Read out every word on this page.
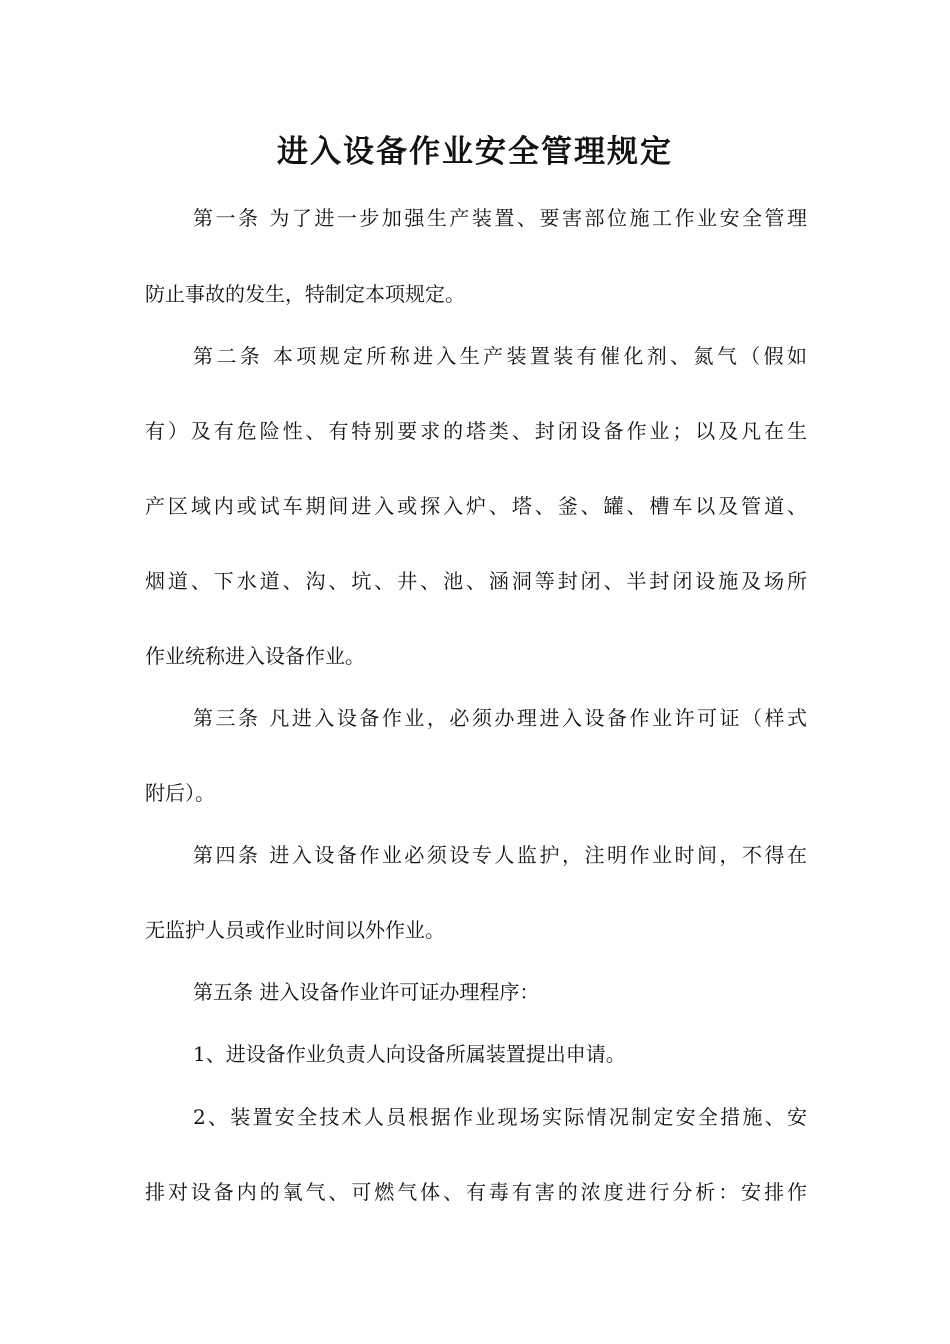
进入设备作业安全管理规定
第一条 为了进一步加强生产装置、要害部位施工作业安全管理
防止事故的发生，特制定本项规定。
第二条 本项规定所称进入生产装置装有催化剂、氮气（假如
有）及有危险性、有特别要求的塔类、封闭设备作业；以及凡在生
产区域内或试车期间进入或探入炉、塔、釜、罐、槽车以及管道、
烟道、下水道、沟、坑、井、池、涵洞等封闭、半封闭设施及场所
作业统称进入设备作业。
第三条 凡进入设备作业，必须办理进入设备作业许可证（样式
附后）。
第四条 进入设备作业必须设专人监护，注明作业时间，不得在
无监护人员或作业时间以外作业。
第五条 进入设备作业许可证办理程序：
1、进设备作业负责人向设备所属装置提出申请。
2、装置安全技术人员根据作业现场实际情况制定安全措施、安
排对设备内的氧气、可燃气体、有毒有害的浓度进行分析：安排作
